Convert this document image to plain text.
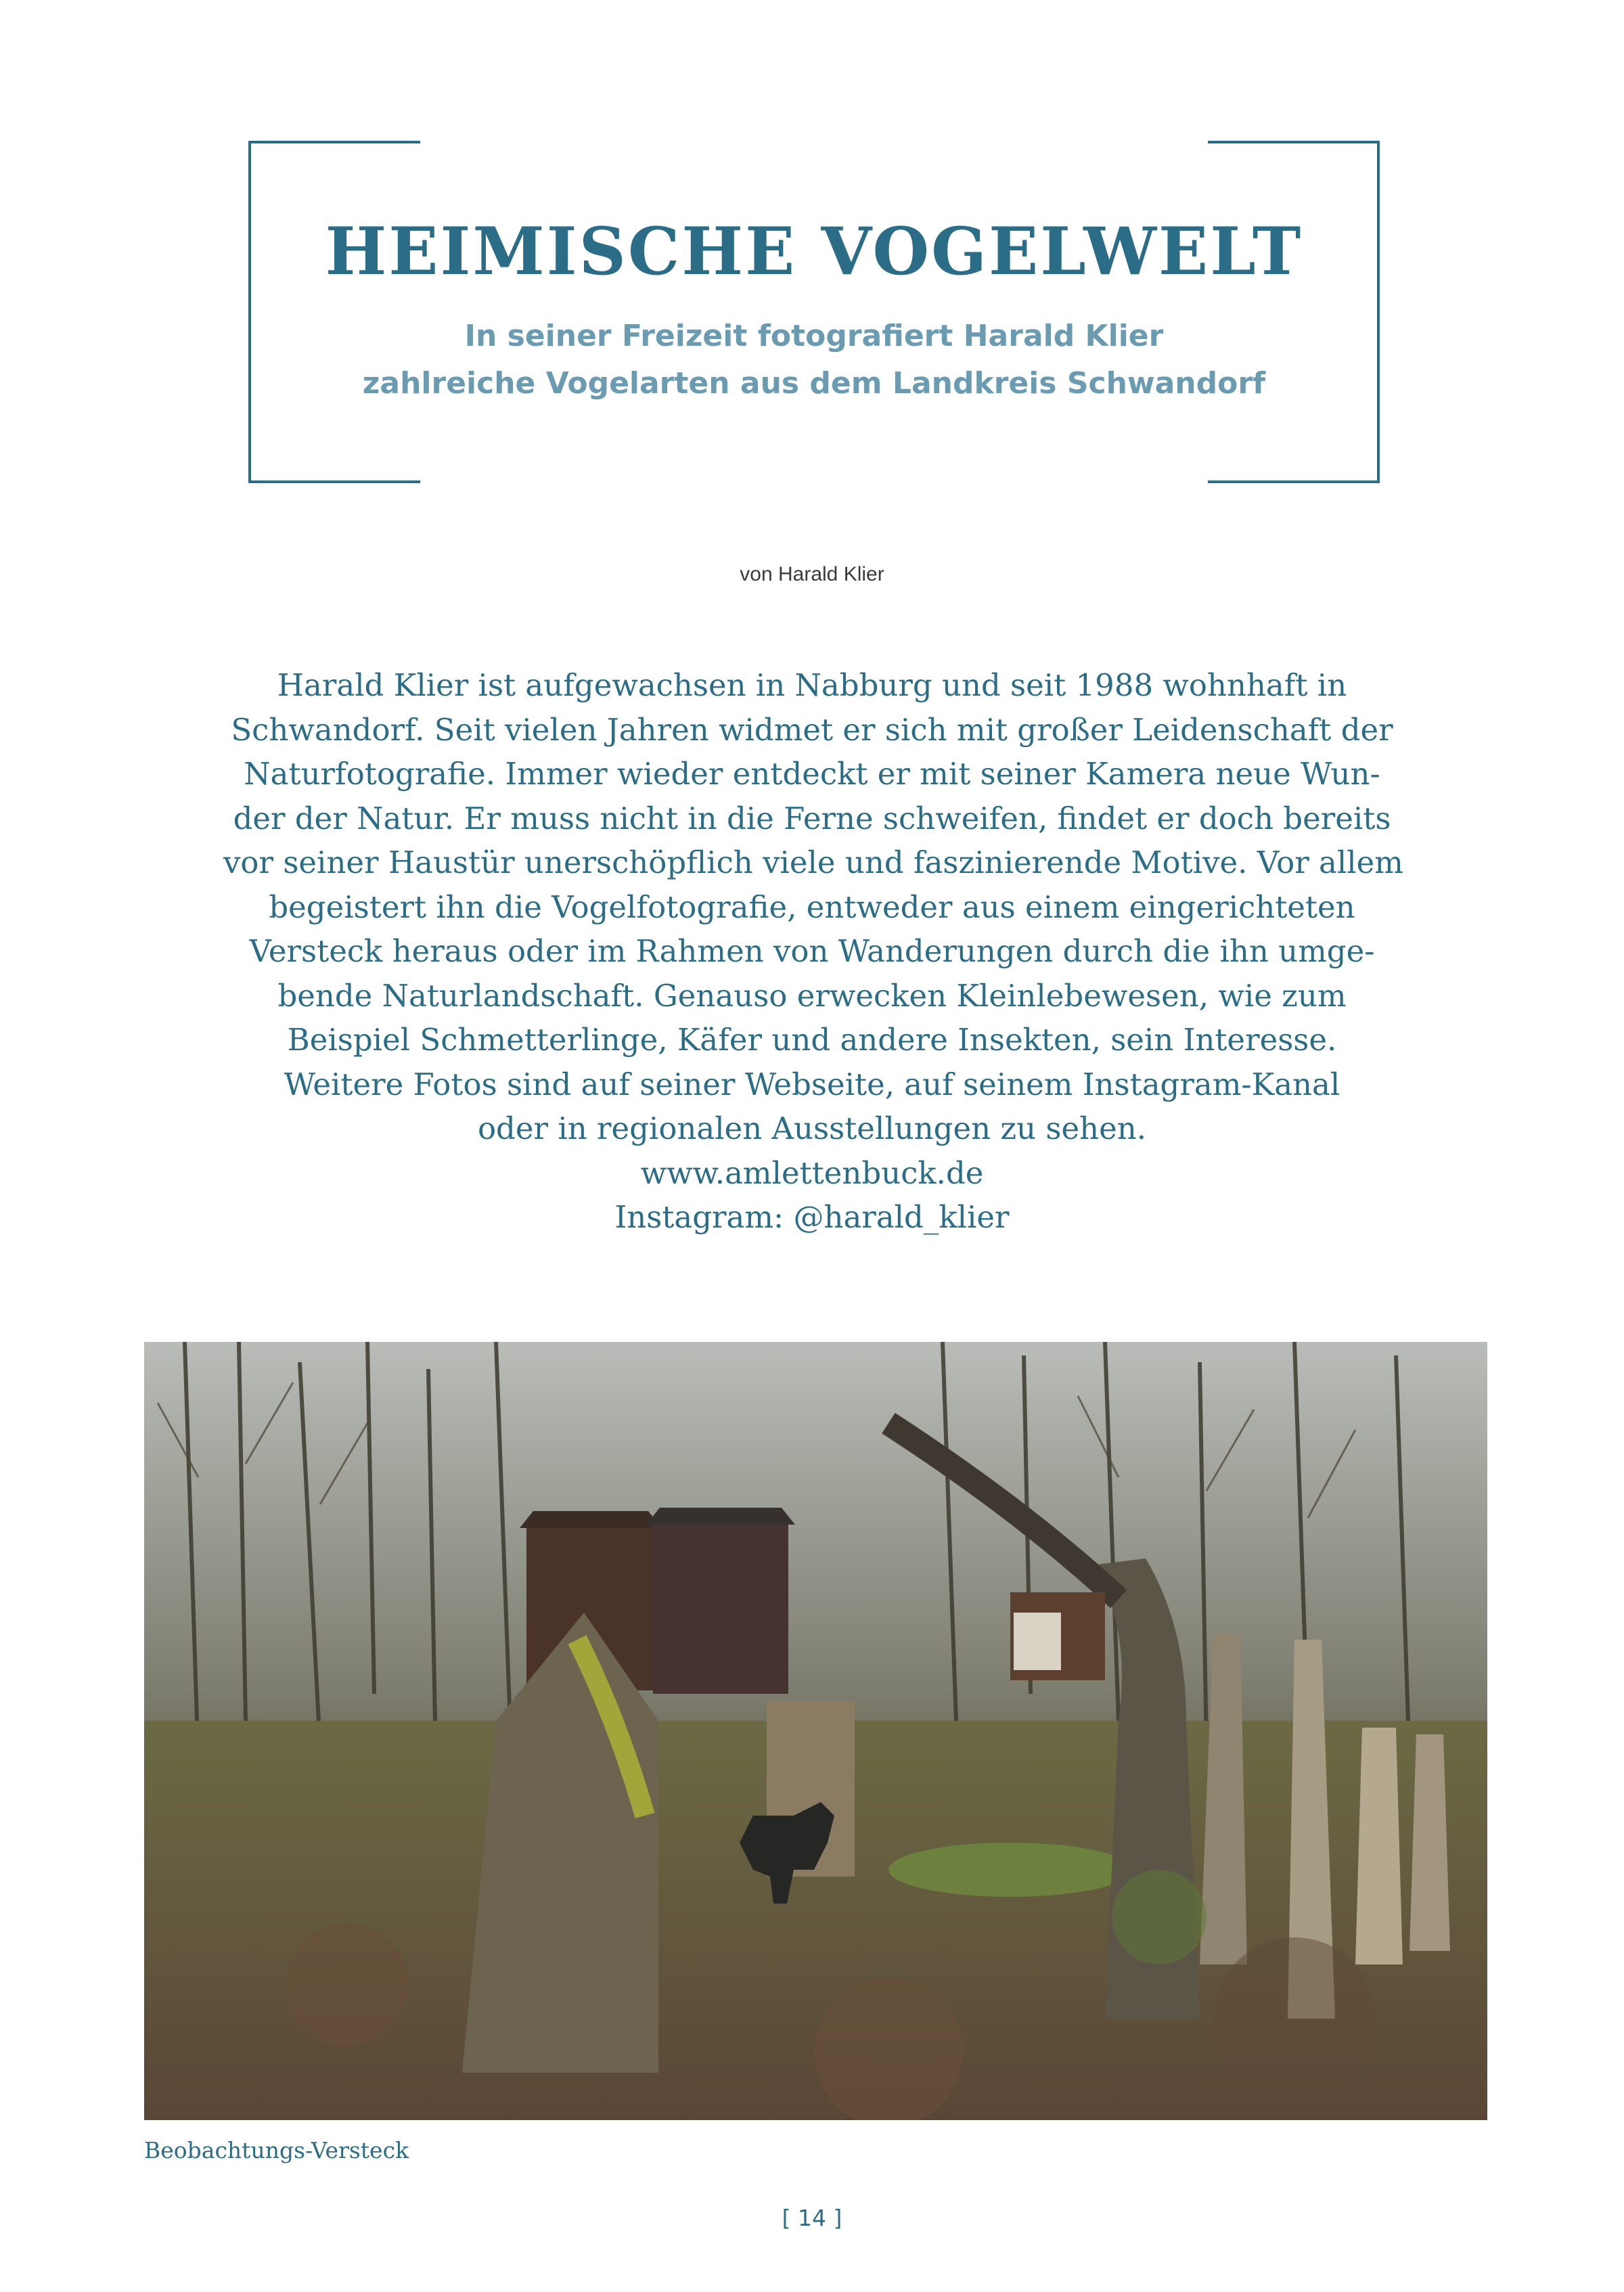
HEIMISCHE VOGELWELT
In seiner Freizeit fotografiert Harald Klier
zahlreiche Vogelarten aus dem Landkreis Schwandorf
von Harald Klier
Harald Klier ist aufgewachsen in Nabburg und seit 1988 wohnhaft in
Schwandorf. Seit vielen Jahren widmet er sich mit großer Leidenschaft der
Naturfotografie. Immer wieder entdeckt er mit seiner Kamera neue Wun-
der der Natur. Er muss nicht in die Ferne schweifen, findet er doch bereits
vor seiner Haustür unerschöpflich viele und faszinierende Motive. Vor allem
begeistert ihn die Vogelfotografie, entweder aus einem eingerichteten
Versteck heraus oder im Rahmen von Wanderungen durch die ihn umge-
bende Naturlandschaft. Genauso erwecken Kleinlebewesen, wie zum
Beispiel Schmetterlinge, Käfer und andere Insekten, sein Interesse.
Weitere Fotos sind auf seiner Webseite, auf seinem Instagram-Kanal
oder in regionalen Ausstellungen zu sehen.
www.amlettenbuck.de
Instagram: @harald_klier
Beobachtungs-Versteck
[ 14 ]
